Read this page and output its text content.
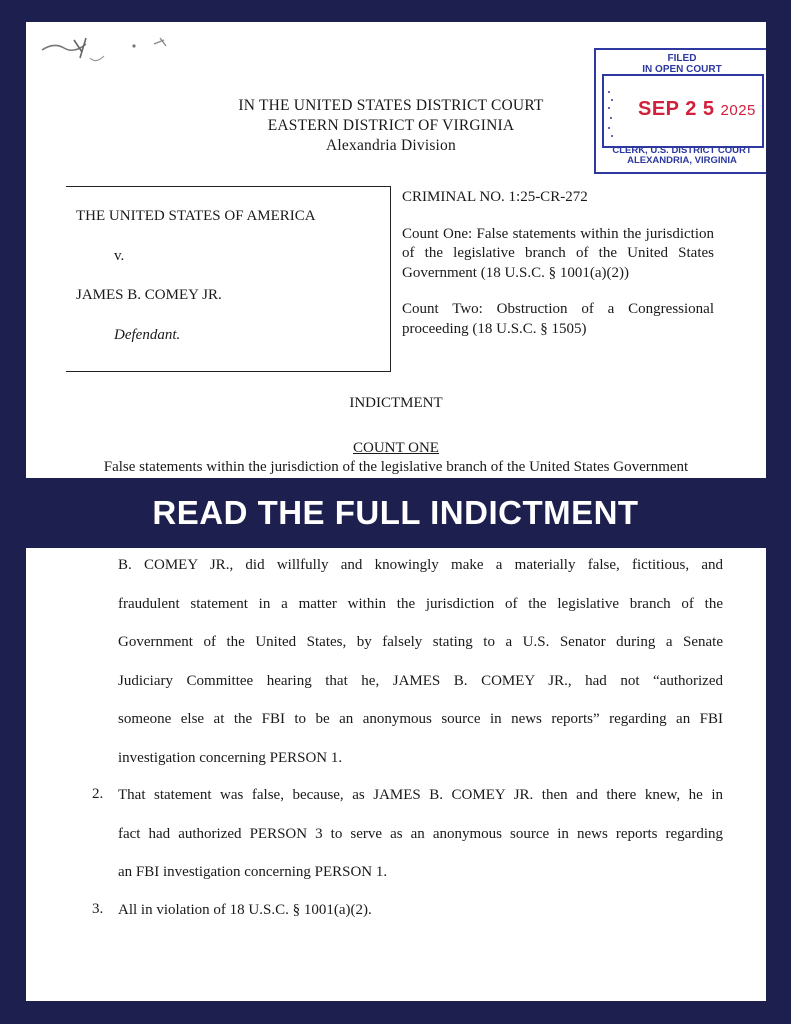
IN THE UNITED STATES DISTRICT COURT
EASTERN DISTRICT OF VIRGINIA
Alexandria Division
FILED
IN OPEN COURT
SEP 2 5 2025
CLERK, U.S. DISTRICT COURT
ALEXANDRIA, VIRGINIA
THE UNITED STATES OF AMERICA
v.
JAMES B. COMEY JR.
Defendant.
CRIMINAL NO. 1:25-CR-272
Count One: False statements within the jurisdiction of the legislative branch of the United States Government (18 U.S.C. § 1001(a)(2))
Count Two: Obstruction of a Congressional proceeding (18 U.S.C. § 1505)
INDICTMENT
COUNT ONE
False statements within the jurisdiction of the legislative branch of the United States Government
READ THE FULL INDICTMENT
B. COMEY JR., did willfully and knowingly make a materially false, fictitious, and
fraudulent statement in a matter within the jurisdiction of the legislative branch of the
Government of the United States, by falsely stating to a U.S. Senator during a Senate
Judiciary Committee hearing that he, JAMES B. COMEY JR., had not “authorized
someone else at the FBI to be an anonymous source in news reports” regarding an FBI
investigation concerning PERSON 1.
2. That statement was false, because, as JAMES B. COMEY JR. then and there knew, he in
fact had authorized PERSON 3 to serve as an anonymous source in news reports regarding
an FBI investigation concerning PERSON 1.
3. All in violation of 18 U.S.C. § 1001(a)(2).
